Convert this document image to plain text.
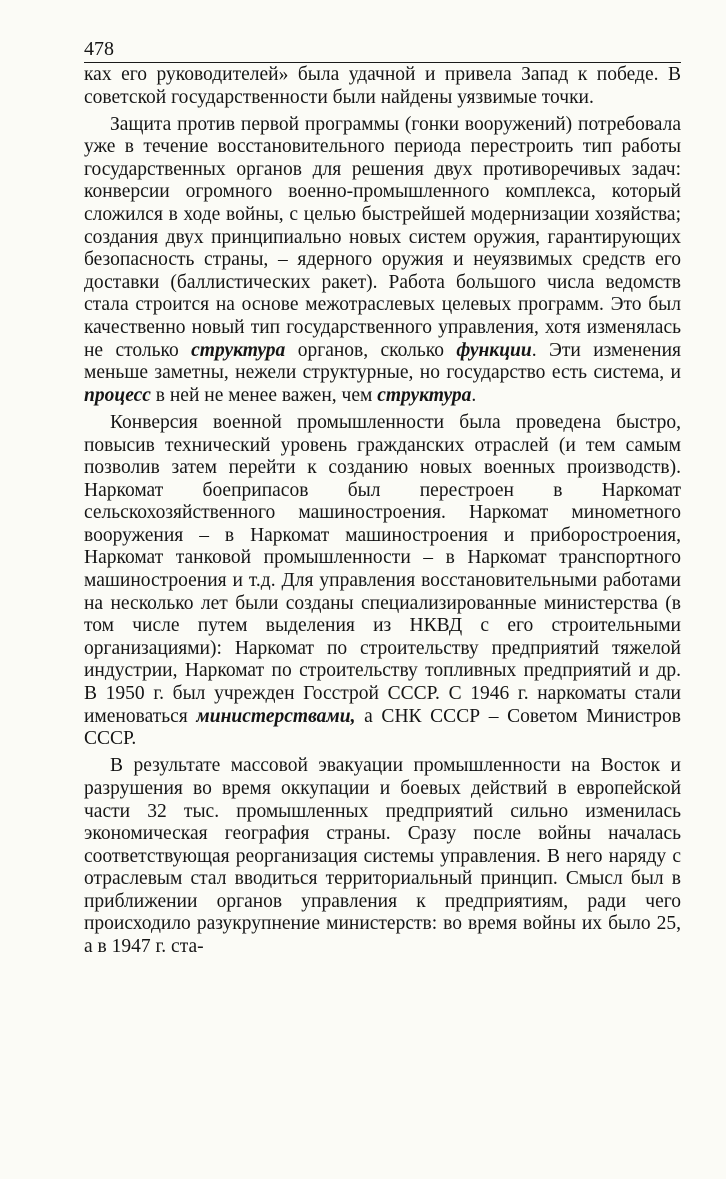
478

ках его руководителей» была удачной и привела Запад к победе. В советской государственности были найдены уязвимые точки.

Защита против первой программы (гонки вооружений) потребовала уже в течение восстановительного периода перестроить тип работы государственных органов для решения двух противоречивых задач: конверсии огромного военно-промышленного комплекса, который сложился в ходе войны, с целью быстрейшей модернизации хозяйства; создания двух принципиально новых систем оружия, гарантирующих безопасность страны, – ядерного оружия и неуязвимых средств его доставки (баллистических ракет). Работа большого числа ведомств стала строится на основе межотраслевых целевых программ. Это был качественно новый тип государственного управления, хотя изменялась не столько структура органов, сколько функции. Эти изменения меньше заметны, нежели структурные, но государство есть система, и процесс в ней не менее важен, чем структура.

Конверсия военной промышленности была проведена быстро, повысив технический уровень гражданских отраслей (и тем самым позволив затем перейти к созданию новых военных производств). Наркомат боеприпасов был перестроен в Наркомат сельскохозяйственного машиностроения. Наркомат минометного вооружения – в Наркомат машиностроения и приборостроения, Наркомат танковой промышленности – в Наркомат транспортного машиностроения и т.д. Для управления восстановительными работами на несколько лет были созданы специализированные министерства (в том числе путем выделения из НКВД с его строительными организациями): Наркомат по строительству предприятий тяжелой индустрии, Наркомат по строительству топливных предприятий и др. В 1950 г. был учрежден Госстрой СССР. С 1946 г. наркоматы стали именоваться министерствами, а СНК СССР – Советом Министров СССР.

В результате массовой эвакуации промышленности на Восток и разрушения во время оккупации и боевых действий в европейской части 32 тыс. промышленных предприятий сильно изменилась экономическая география страны. Сразу после войны началась соответствующая реорганизация системы управления. В него наряду с отраслевым стал вводиться территориальный принцип. Смысл был в приближении органов управления к предприятиям, ради чего происходило разукрупнение министерств: во время войны их было 25, а в 1947 г. ста-
